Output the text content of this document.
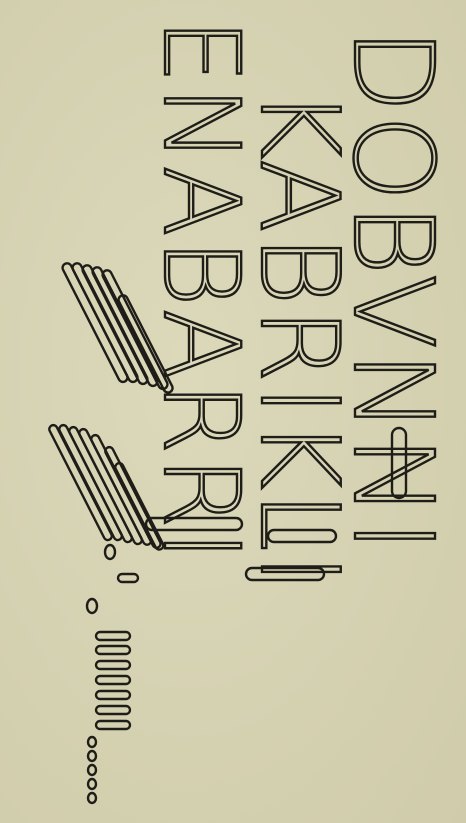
DOBVNNI
KABRIKLI
ENABARRI
